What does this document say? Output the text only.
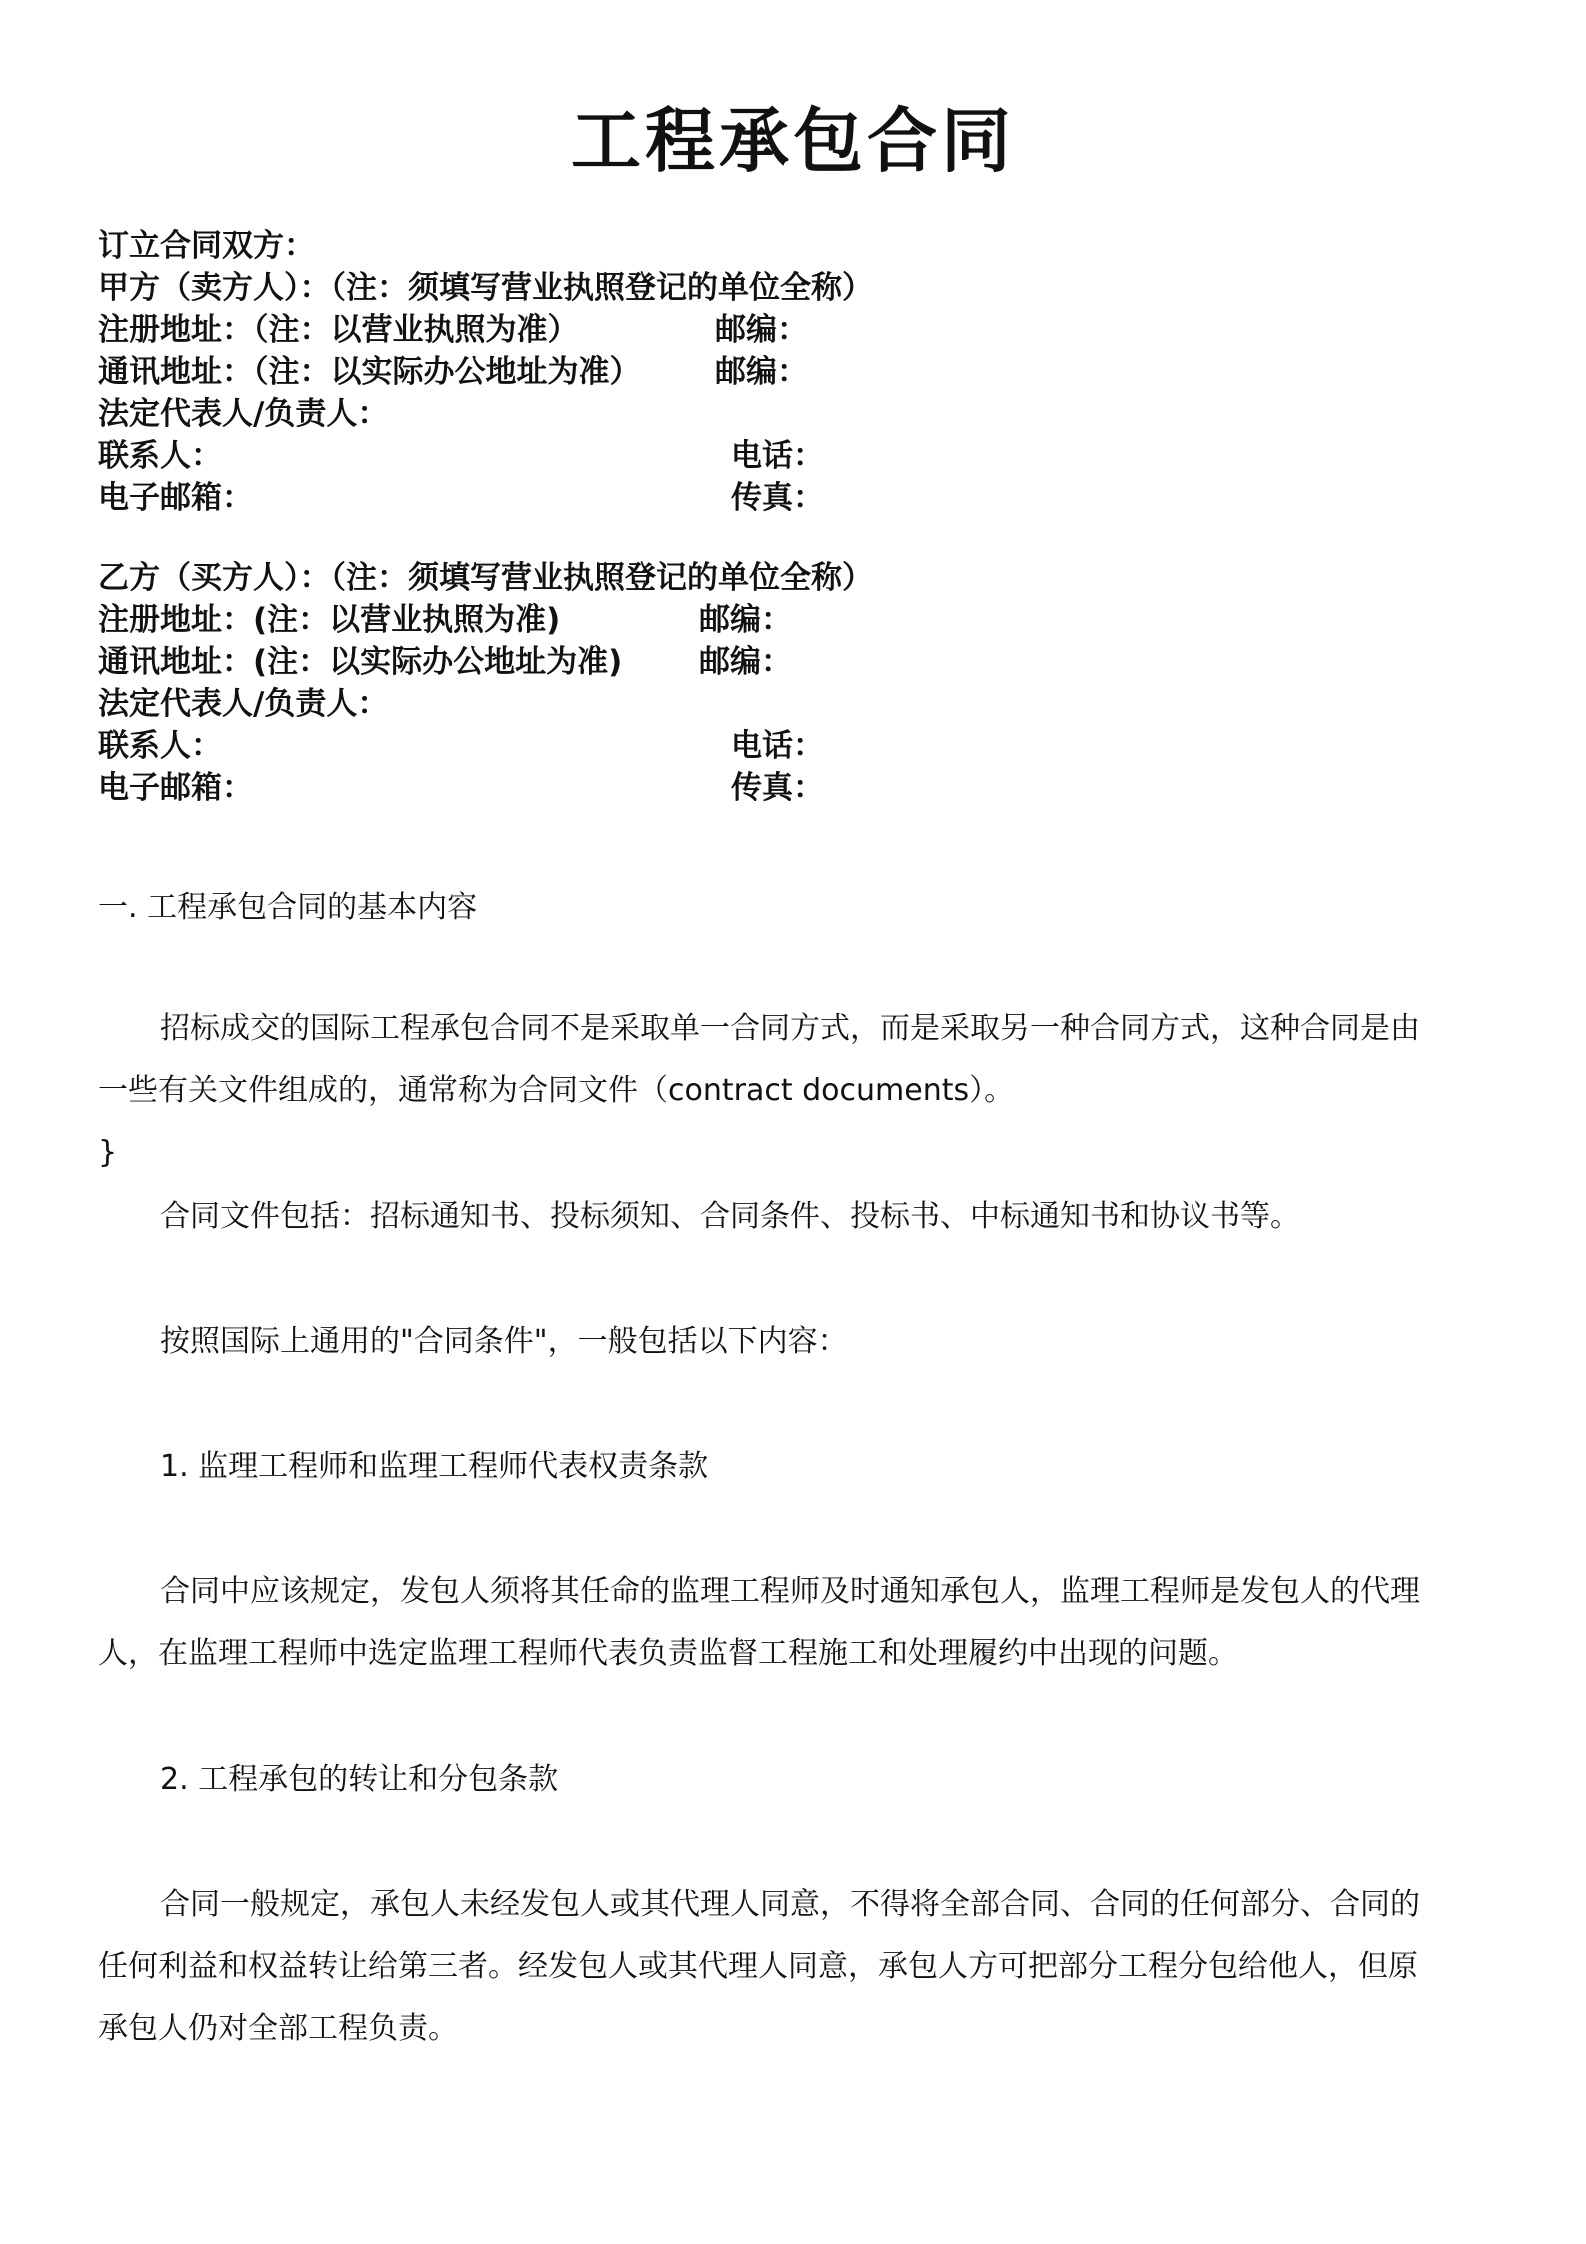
工程承包合同
订立合同双方：
甲方（卖方人）：（注：须填写营业执照登记的单位全称）
注册地址：（注：以营业执照为准）	邮编：
通讯地址：（注：以实际办公地址为准） 邮编：
法定代表人/负责人：
联系人：	电话：
电子邮箱：	传真：
乙方（买方人）：（注：须填写营业执照登记的单位全称）
注册地址：(注：以营业执照为准)	邮编：
通讯地址：(注：以实际办公地址为准) 邮编：
法定代表人/负责人：
联系人：	电话：
电子邮箱：	传真：
一. 工程承包合同的基本内容
招标成交的国际工程承包合同不是采取单一合同方式，而是采取另一种合同方式，这种合同是由
一些有关文件组成的，通常称为合同文件（contract documents）。
}
合同文件包括：招标通知书、投标须知、合同条件、投标书、中标通知书和协议书等。
按照国际上通用的"合同条件"，一般包括以下内容：
1. 监理工程师和监理工程师代表权责条款
合同中应该规定，发包人须将其任命的监理工程师及时通知承包人，监理工程师是发包人的代理
人，在监理工程师中选定监理工程师代表负责监督工程施工和处理履约中出现的问题。
2. 工程承包的转让和分包条款
合同一般规定，承包人未经发包人或其代理人同意，不得将全部合同、合同的任何部分、合同的
任何利益和权益转让给第三者。经发包人或其代理人同意，承包人方可把部分工程分包给他人，但原
承包人仍对全部工程负责。
